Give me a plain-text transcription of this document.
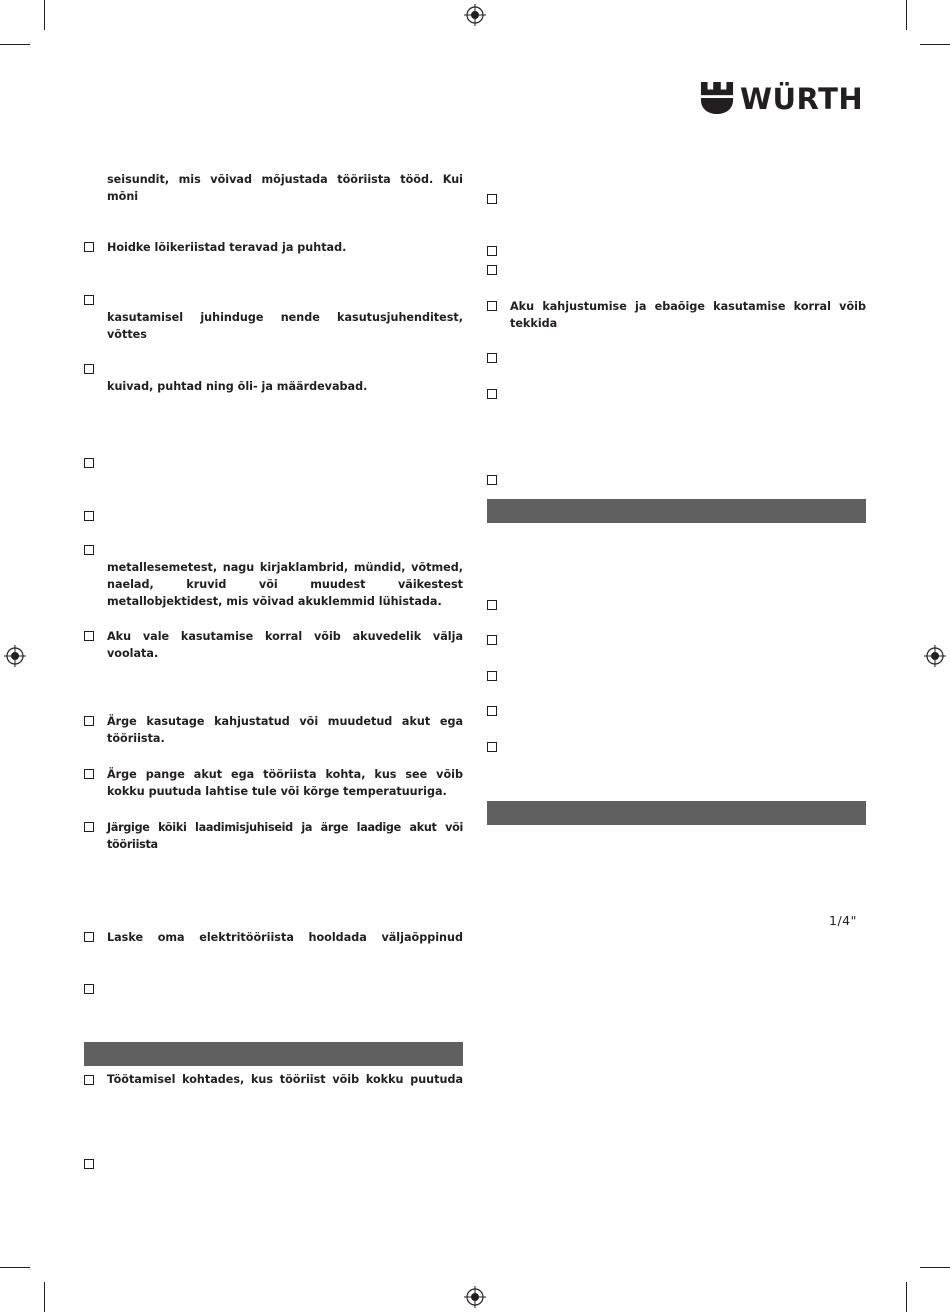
WÜRTH
seisundit, mis võivad mõjustada tööriista tööd. Kui mõni
Hoidke lõikeriistad teravad ja puhtad.
kasutamisel juhinduge nende kasutusjuhenditest, võttes
kuivad, puhtad ning õli- ja määrdevabad.
metallesemetest, nagu kirjaklambrid, mündid, võtmed, naelad, kruvid või muudest väikestest metallobjektidest, mis võivad akuklemmid lühistada.
Aku vale kasutamise korral võib akuvedelik välja voolata.
Ärge kasutage kahjustatud või muudetud akut ega tööriista.
Ärge pange akut ega tööriista kohta, kus see võib kokku puutuda lahtise tule või kõrge temperatuuriga.
Järgige kõiki laadimisjuhiseid ja ärge laadige akut või tööriista
Laske oma elektritööriista hooldada väljaõppinud
Töötamisel kohtades, kus tööriist võib kokku puutuda
Aku kahjustumise ja ebaõige kasutamise korral võib tekkida
1/4"
